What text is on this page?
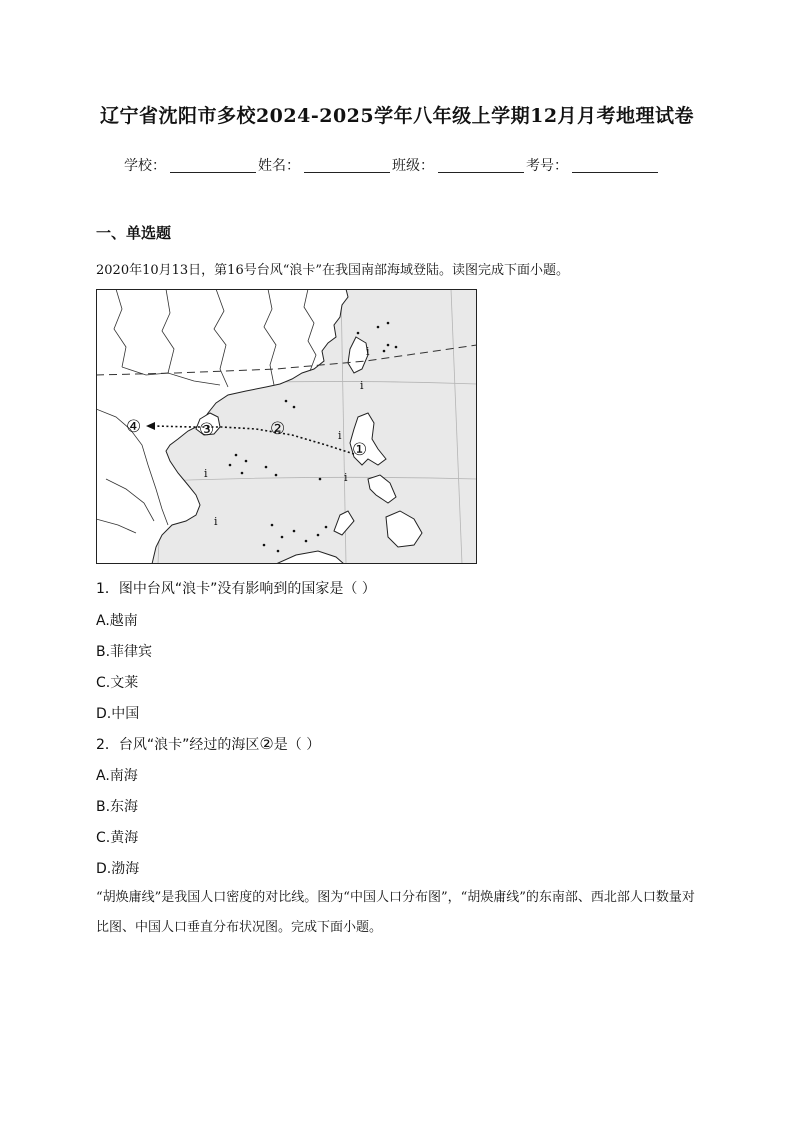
辽宁省沈阳市多校2024-2025学年八年级上学期12月月考地理试卷
学校：	姓名：	班级：	考号：
一、单选题
2020年10月13日，第16号台风“浪卡”在我国南部海域登陆。读图完成下面小题。
i
i
i
i
i
i
①
②
③
④
1．图中台风“浪卡”没有影响到的国家是（ ）
A.越南
B.菲律宾
C.文莱
D.中国
2．台风“浪卡”经过的海区②是（ ）
A.南海
B.东海
C.黄海
D.渤海
“胡焕庸线”是我国人口密度的对比线。图为“中国人口分布图”，“胡焕庸线”的东南部、西北部人口数量对比图、中国人口垂直分布状况图。完成下面小题。
